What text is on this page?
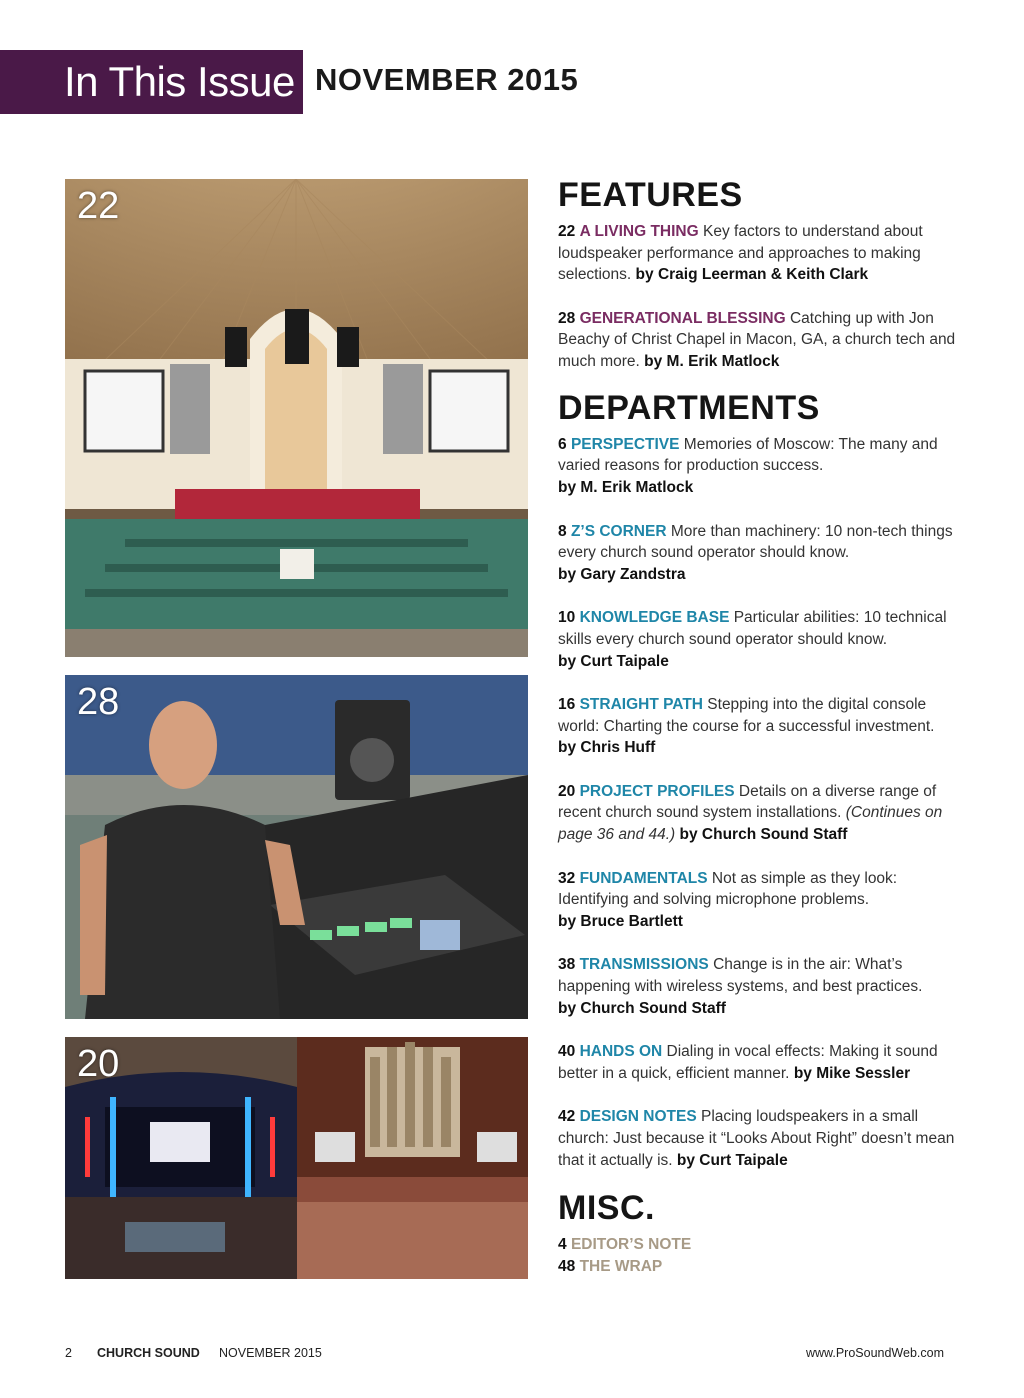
In This Issue NOVEMBER 2015
22
28
20
FEATURES
22 A LIVING THING Key factors to understand about loudspeaker performance and approaches to making selections. by Craig Leerman & Keith Clark
28 GENERATIONAL BLESSING Catching up with Jon Beachy of Christ Chapel in Macon, GA, a church tech and much more. by M. Erik Matlock
DEPARTMENTS
6 PERSPECTIVE Memories of Moscow: The many and varied reasons for production success.
by M. Erik Matlock
8 Z’S CORNER More than machinery: 10 non-tech things every church sound operator should know.
by Gary Zandstra
10 KNOWLEDGE BASE Particular abilities: 10 technical skills every church sound operator should know.
by Curt Taipale
16 STRAIGHT PATH Stepping into the digital console world: Charting the course for a successful investment.
by Chris Huff
20 PROJECT PROFILES Details on a diverse range of recent church sound system installations. (Continues on page 36 and 44.) by Church Sound Staff
32 FUNDAMENTALS Not as simple as they look: Identifying and solving microphone problems.
by Bruce Bartlett
38 TRANSMISSIONS Change is in the air: What’s happening with wireless systems, and best practices.
by Church Sound Staff
40 HANDS ON Dialing in vocal effects: Making it sound better in a quick, efficient manner. by Mike Sessler
42 DESIGN NOTES Placing loudspeakers in a small church: Just because it “Looks About Right” doesn’t mean that it actually is. by Curt Taipale
MISC.
4 EDITOR’S NOTE
48 THE WRAP
2 CHURCH SOUND NOVEMBER 2015	www.ProSoundWeb.com
